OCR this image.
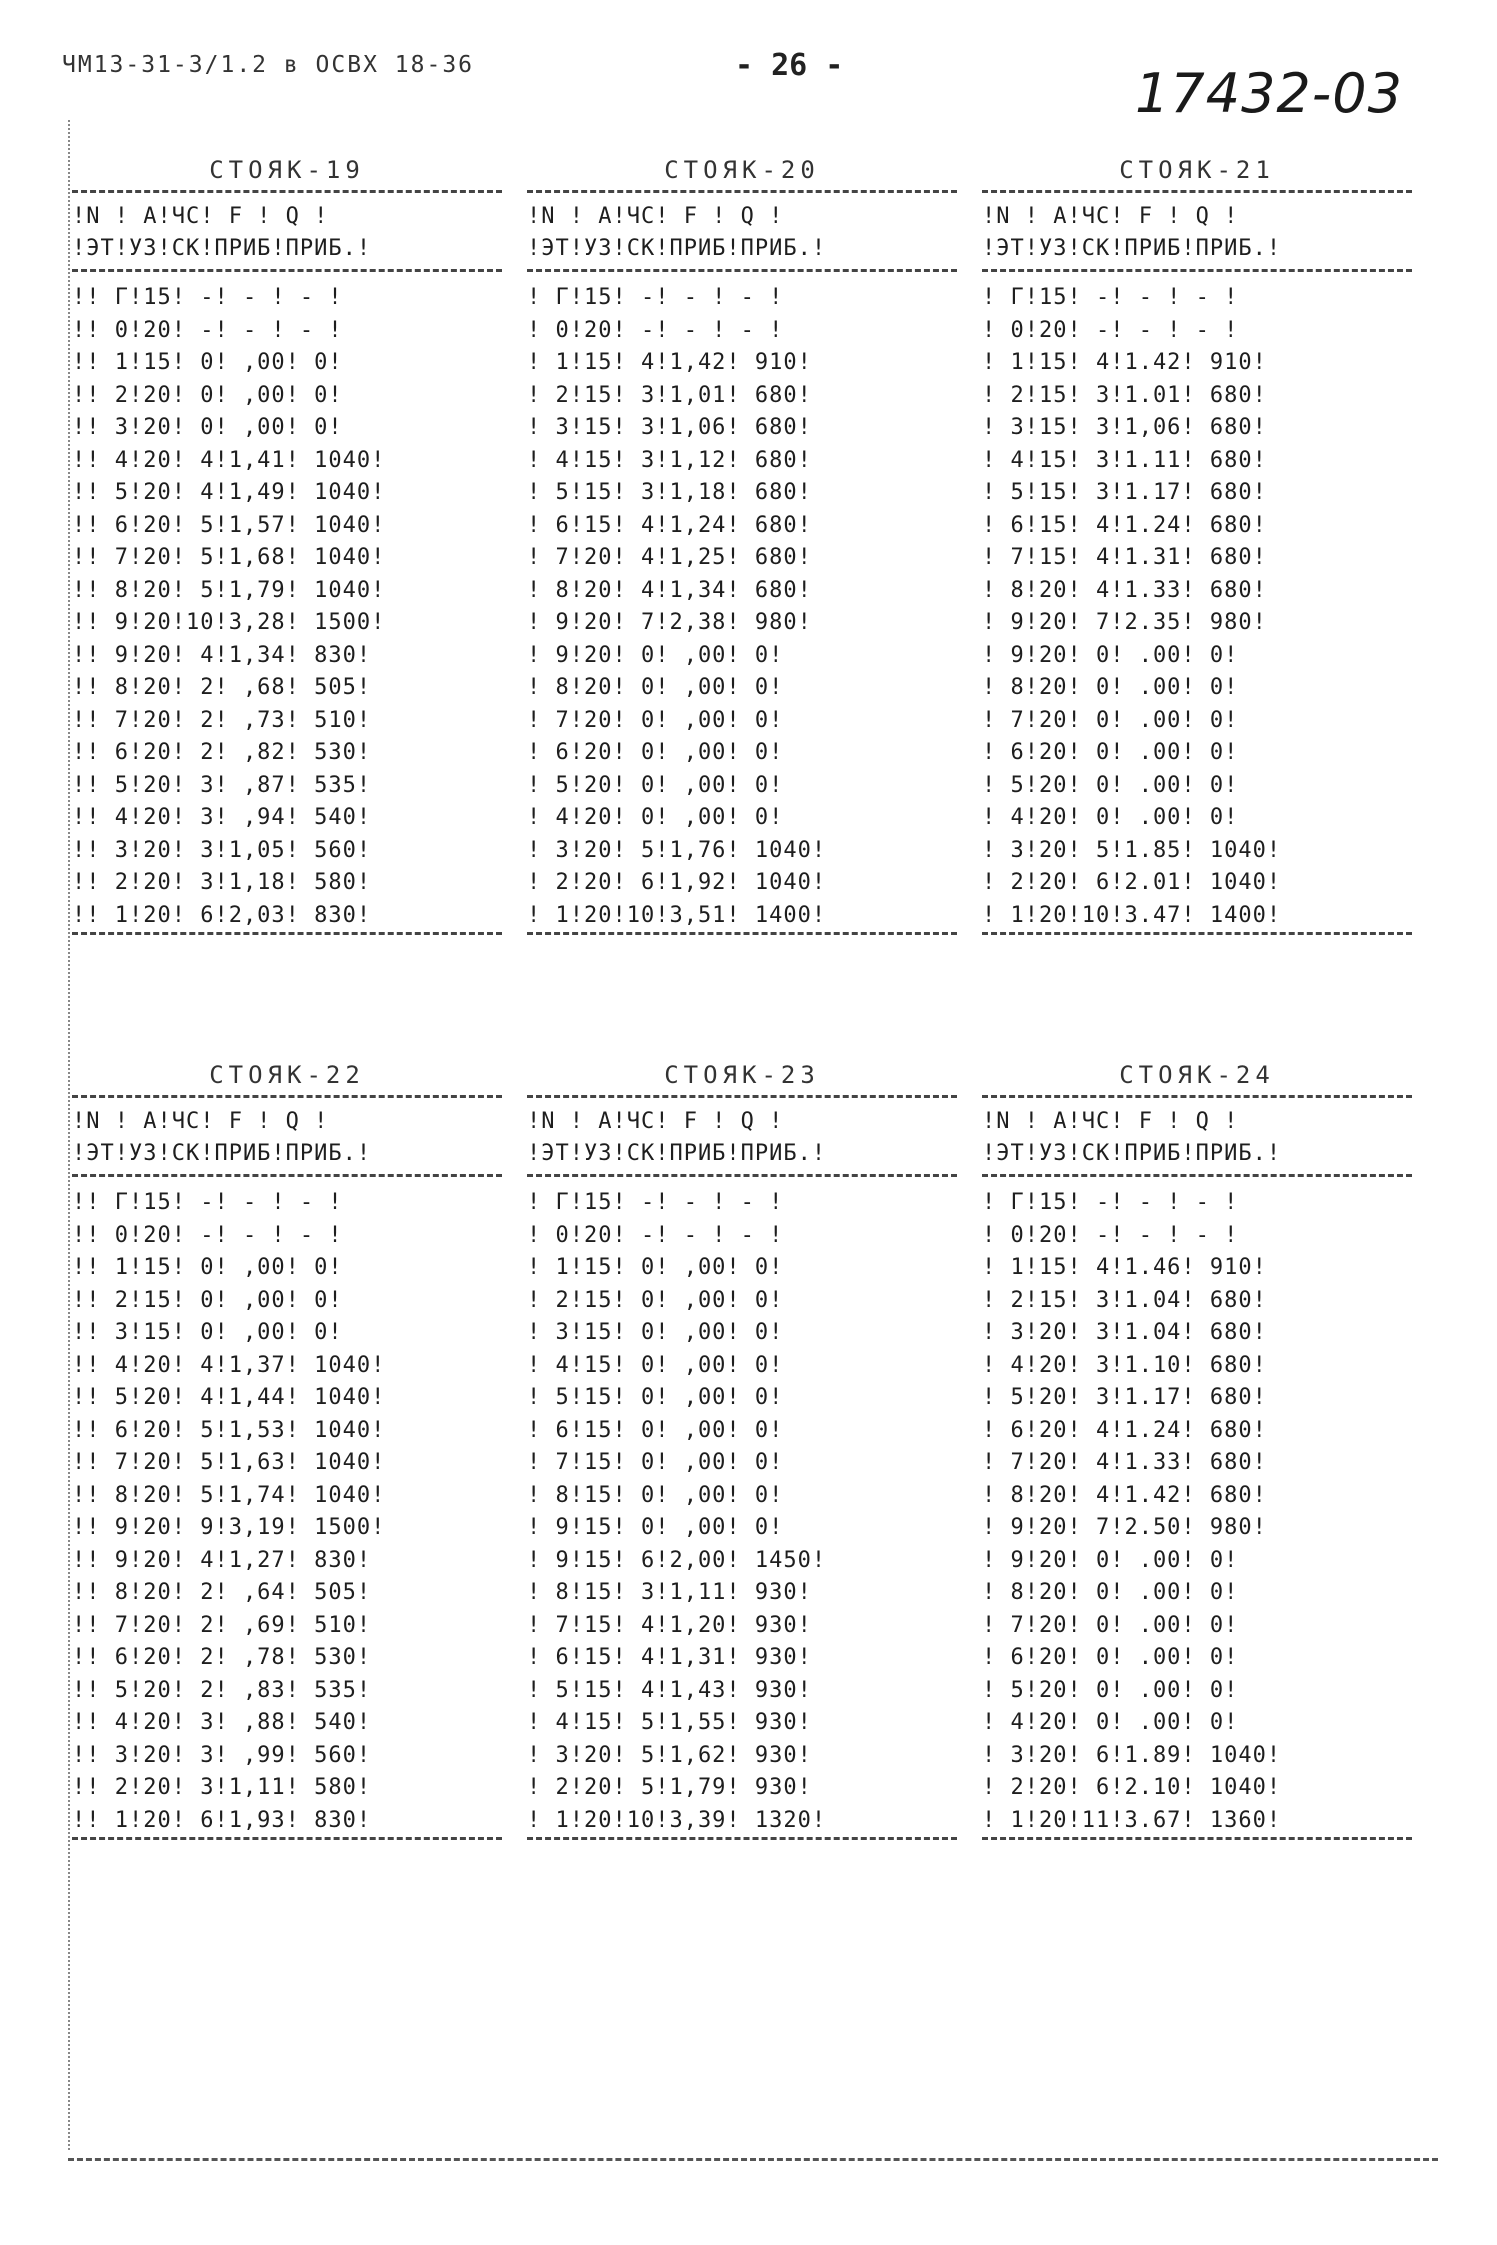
ЧМ13-31-3/1.2 в ОСВХ 18-36	- 26 -	17432-03
СТОЯК-19
!N ! А!ЧС! F ! Q !
!ЭТ!УЗ!СК!ПРИБ!ПРИБ.!
!! Г!15! -! - ! - !
!! 0!20! -! - ! - !
!! 1!15! 0! ,00! 0!
!! 2!20! 0! ,00! 0!
!! 3!20! 0! ,00! 0!
!! 4!20! 4!1,41! 1040!
!! 5!20! 4!1,49! 1040!
!! 6!20! 5!1,57! 1040!
!! 7!20! 5!1,68! 1040!
!! 8!20! 5!1,79! 1040!
!! 9!20!10!3,28! 1500!
!! 9!20! 4!1,34! 830!
!! 8!20! 2! ,68! 505!
!! 7!20! 2! ,73! 510!
!! 6!20! 2! ,82! 530!
!! 5!20! 3! ,87! 535!
!! 4!20! 3! ,94! 540!
!! 3!20! 3!1,05! 560!
!! 2!20! 3!1,18! 580!
!! 1!20! 6!2,03! 830!
СТОЯК-20
!N ! А!ЧС! F ! Q !
!ЭТ!УЗ!СК!ПРИБ!ПРИБ.!
! Г!15! -! - ! - !
! 0!20! -! - ! - !
! 1!15! 4!1,42! 910!
! 2!15! 3!1,01! 680!
! 3!15! 3!1,06! 680!
! 4!15! 3!1,12! 680!
! 5!15! 3!1,18! 680!
! 6!15! 4!1,24! 680!
! 7!20! 4!1,25! 680!
! 8!20! 4!1,34! 680!
! 9!20! 7!2,38! 980!
! 9!20! 0! ,00! 0!
! 8!20! 0! ,00! 0!
! 7!20! 0! ,00! 0!
! 6!20! 0! ,00! 0!
! 5!20! 0! ,00! 0!
! 4!20! 0! ,00! 0!
! 3!20! 5!1,76! 1040!
! 2!20! 6!1,92! 1040!
! 1!20!10!3,51! 1400!
СТОЯК-21
!N ! А!ЧС! F ! Q !
!ЭТ!УЗ!СК!ПРИБ!ПРИБ.!
! Г!15! -! - ! - !
! 0!20! -! - ! - !
! 1!15! 4!1.42! 910!
! 2!15! 3!1.01! 680!
! 3!15! 3!1,06! 680!
! 4!15! 3!1.11! 680!
! 5!15! 3!1.17! 680!
! 6!15! 4!1.24! 680!
! 7!15! 4!1.31! 680!
! 8!20! 4!1.33! 680!
! 9!20! 7!2.35! 980!
! 9!20! 0! .00! 0!
! 8!20! 0! .00! 0!
! 7!20! 0! .00! 0!
! 6!20! 0! .00! 0!
! 5!20! 0! .00! 0!
! 4!20! 0! .00! 0!
! 3!20! 5!1.85! 1040!
! 2!20! 6!2.01! 1040!
! 1!20!10!3.47! 1400!
СТОЯК-22
!N ! А!ЧС! F ! Q !
!ЭТ!УЗ!СК!ПРИБ!ПРИБ.!
!! Г!15! -! - ! - !
!! 0!20! -! - ! - !
!! 1!15! 0! ,00! 0!
!! 2!15! 0! ,00! 0!
!! 3!15! 0! ,00! 0!
!! 4!20! 4!1,37! 1040!
!! 5!20! 4!1,44! 1040!
!! 6!20! 5!1,53! 1040!
!! 7!20! 5!1,63! 1040!
!! 8!20! 5!1,74! 1040!
!! 9!20! 9!3,19! 1500!
!! 9!20! 4!1,27! 830!
!! 8!20! 2! ,64! 505!
!! 7!20! 2! ,69! 510!
!! 6!20! 2! ,78! 530!
!! 5!20! 2! ,83! 535!
!! 4!20! 3! ,88! 540!
!! 3!20! 3! ,99! 560!
!! 2!20! 3!1,11! 580!
!! 1!20! 6!1,93! 830!
СТОЯК-23
!N ! А!ЧС! F ! Q !
!ЭТ!УЗ!СК!ПРИБ!ПРИБ.!
! Г!15! -! - ! - !
! 0!20! -! - ! - !
! 1!15! 0! ,00! 0!
! 2!15! 0! ,00! 0!
! 3!15! 0! ,00! 0!
! 4!15! 0! ,00! 0!
! 5!15! 0! ,00! 0!
! 6!15! 0! ,00! 0!
! 7!15! 0! ,00! 0!
! 8!15! 0! ,00! 0!
! 9!15! 0! ,00! 0!
! 9!15! 6!2,00! 1450!
! 8!15! 3!1,11! 930!
! 7!15! 4!1,20! 930!
! 6!15! 4!1,31! 930!
! 5!15! 4!1,43! 930!
! 4!15! 5!1,55! 930!
! 3!20! 5!1,62! 930!
! 2!20! 5!1,79! 930!
! 1!20!10!3,39! 1320!
СТОЯК-24
!N ! А!ЧС! F ! Q !
!ЭТ!УЗ!СК!ПРИБ!ПРИБ.!
! Г!15! -! - ! - !
! 0!20! -! - ! - !
! 1!15! 4!1.46! 910!
! 2!15! 3!1.04! 680!
! 3!20! 3!1.04! 680!
! 4!20! 3!1.10! 680!
! 5!20! 3!1.17! 680!
! 6!20! 4!1.24! 680!
! 7!20! 4!1.33! 680!
! 8!20! 4!1.42! 680!
! 9!20! 7!2.50! 980!
! 9!20! 0! .00! 0!
! 8!20! 0! .00! 0!
! 7!20! 0! .00! 0!
! 6!20! 0! .00! 0!
! 5!20! 0! .00! 0!
! 4!20! 0! .00! 0!
! 3!20! 6!1.89! 1040!
! 2!20! 6!2.10! 1040!
! 1!20!11!3.67! 1360!
